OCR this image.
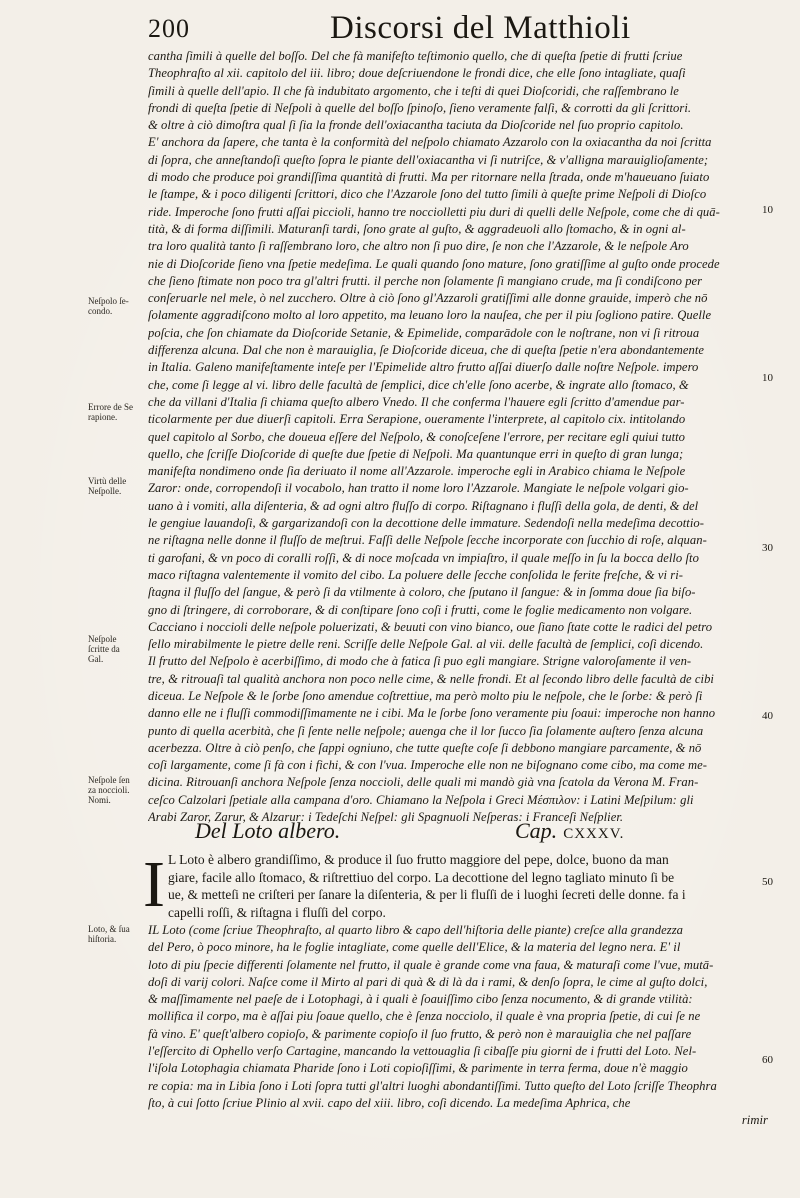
200	Discorsi del Matthioli
cantha ſimili à quelle del boſſo. Del che fà manifeſto teſtimonio quello, che di queſta ſpetie di frutti ſcriue
Theophraſto al xii. capitolo del iii. libro; doue deſcriuendone le frondi dice, che elle ſono intagliate, quaſi
ſimili à quelle dell'apio. Il che fà indubitato argomento, che i teſti di quei Dioſcoridi, che raſſembrano le
frondi di queſta ſpetie di Neſpoli à quelle del boſſo ſpinoſo, ſieno veramente falſi, & corrotti da gli ſcrittori.
& oltre à ciò dimoſtra qual ſi ſia la fronde dell'oxiacantha taciuta da Dioſcoride nel ſuo proprio capitolo.
E' anchora da ſapere, che tanta è la conformità del neſpolo chiamato Azzarolo con la oxiacantha da noi ſcritta
di ſopra, che anneſtandoſi queſto ſopra le piante dell'oxiacantha vi ſi nutriſce, & v'alligna marauiglioſamente;
di modo che produce poi grandiſſima quantità di frutti. Ma per ritornare nella ſtrada, onde m'haueuano ſuiato
le ſtampe, & i poco diligenti ſcrittori, dico che l'Azzarole ſono del tutto ſimili à queſte prime Neſpoli di Dioſco
ride. Imperoche ſono frutti aſſai piccioli, hanno tre nocciolletti piu duri di quelli delle Neſpole, come che di quā-
tità, & di forma diſſimili. Maturanſi tardi, ſono grate al guſto, & aggradeuoli allo ſtomacho, & in ogni al-
tra loro qualità tanto ſi raſſembrano loro, che altro non ſi puo dire, ſe non che l'Azzarole, & le neſpole Aro
nie di Dioſcoride ſieno vna ſpetie medeſima. Le quali quando ſono mature, ſono gratiſſime al guſto onde procede
che ſieno ſtimate non poco tra gl'altri frutti. il perche non ſolamente ſi mangiano crude, ma ſi condiſcono per
conſeruarle nel mele, ò nel zucchero. Oltre à ciò ſono gl'Azzaroli gratiſſimi alle donne grauide, imperò che nō
ſolamente aggradiſcono molto al loro appetito, ma leuano loro la nauſea, che per il piu ſogliono patire. Quelle
poſcia, che ſon chiamate da Dioſcoride Setanie, & Epimelide, comparādole con le noſtrane, non vi ſi ritroua
differenza alcuna. Dal che non è marauiglia, ſe Dioſcoride diceua, che di queſta ſpetie n'era abondantemente
in Italia. Galeno manifeſtamente inteſe per l'Epimelide altro frutto aſſai diuerſo dalle noſtre Neſpole. impero
che, come ſi legge al vi. libro delle facultà de ſemplici, dice ch'elle ſono acerbe, & ingrate allo ſtomaco, &
che da villani d'Italia ſi chiama queſto albero Vnedo. Il che conferma l'hauere egli ſcritto d'amendue par-
ticolarmente per due diuerſi capitoli. Erra Serapione, oueramente l'interprete, al capitolo cix. intitolando
quel capitolo al Sorbo, che doueua eſſere del Neſpolo, & conoſceſene l'errore, per recitare egli quiui tutto
quello, che ſcriſſe Dioſcoride di queſte due ſpetie di Neſpoli. Ma quantunque erri in queſto di gran lunga;
manifeſta nondimeno onde ſia deriuato il nome all'Azzarole. imperoche egli in Arabico chiama le Neſpole
Zaror: onde, corropendoſi il vocabolo, han tratto il nome loro l'Azzarole. Mangiate le neſpole volgari gio-
uano à i vomiti, alla diſenteria, & ad ogni altro fluſſo di corpo. Riſtagnano i fluſſi della gola, de denti, & del
le gengiue lauandoſi, & gargarizandoſi con la decottione delle immature. Sedendoſi nella medeſima decottio-
ne riſtagna nelle donne il fluſſo de meſtrui. Faſſi delle Neſpole ſecche incorporate con ſucchio di roſe, alquan-
ti garofani, & vn poco di coralli roſſi, & di noce moſcada vn impiaſtro, il quale meſſo in ſu la bocca dello ſto
maco riſtagna valentemente il vomito del cibo. La poluere delle ſecche conſolida le ferite freſche, & vi ri-
ſtagna il fluſſo del ſangue, & però ſi da vtilmente à coloro, che ſputano il ſangue: & in ſomma doue ſia biſo-
gno di ſtringere, di corroborare, & di conſtipare ſono coſi i frutti, come le foglie medicamento non volgare.
Cacciano i noccioli delle neſpole poluerizati, & beuuti con vino bianco, oue ſiano ſtate cotte le radici del petro
ſello mirabilmente le pietre delle reni. Scriſſe delle Neſpole Gal. al vii. delle facultà de ſemplici, coſi dicendo.
Il frutto del Neſpolo è acerbiſſimo, di modo che à fatica ſi puo egli mangiare. Strigne valoroſamente il ven-
tre, & ritrouaſi tal qualità anchora non poco nelle cime, & nelle frondi. Et al ſecondo libro delle facultà de cibi
diceua. Le Neſpole & le ſorbe ſono amendue coſtrettiue, ma però molto piu le neſpole, che le ſorbe: & però ſi
danno elle ne i fluſſi commodiſſimamente ne i cibi. Ma le ſorbe ſono veramente piu ſoaui: imperoche non hanno
punto di quella acerbità, che ſi ſente nelle neſpole; auenga che il lor ſucco ſia ſolamente auſtero ſenza alcuna
acerbezza. Oltre à ciò penſo, che ſappi ogniuno, che tutte queſte coſe ſi debbono mangiare parcamente, & nō
coſi largamente, come ſi fà con i fichi, & con l'vua. Imperoche elle non ne biſognano come cibo, ma come me-
dicina. Ritrouanſi anchora Neſpole ſenza noccioli, delle quali mi mandò già vna ſcatola da Verona M. Fran-
ceſco Calzolari ſpetiale alla campana d'oro. Chiamano la Neſpola i Greci Μέσπιλον: i Latini Meſpilum: gli
Arabi Zaror, Zarur, & Alzarur: i Tedeſchi Neſpel: gli Spagnuoli Neſperas: i Franceſi Neſplier.
Neſpolo ſe-
condo.
Errore de Se
rapione.
Virtù delle
Neſpolle.
Neſpole
ſcritte da
Gal.
Neſpole ſen
za noccioli.
Nomi.
Loto, & ſua
hiſtoria.
10
10
30
40
50
60
Del Loto albero.	Cap. CXXXV.
I L Loto è albero grandiſſimo, & produce il ſuo frutto maggiore del pepe, dolce, buono da man
giare, facile allo ſtomaco, & riſtrettiuo del corpo. La decottione del legno tagliato minuto ſi be
ue, & metteſi ne criſteri per ſanare la diſenteria, & per li fluſſi de i luoghi ſecreti delle donne. fa i
capelli roſſi, & riſtagna i fluſſi del corpo.
IL Loto (come ſcriue Theophraſto, al quarto libro & capo dell'hiſtoria delle piante) creſce alla grandezza
del Pero, ò poco minore, ha le foglie intagliate, come quelle dell'Elice, & la materia del legno nera. E' il
loto di piu ſpecie differenti ſolamente nel frutto, il quale è grande come vna faua, & maturaſi come l'vue, mutā-
doſi di varij colori. Naſce come il Mirto al pari di quà & di là da i rami, & denſo ſopra, le cime al guſto dolci,
& maſſimamente nel paeſe de i Lotophagi, à i quali è ſoauiſſimo cibo ſenza nocumento, & di grande vtilità:
mollifica il corpo, ma è aſſai piu ſoaue quello, che è ſenza nocciolo, il quale è vna propria ſpetie, di cui ſe ne
fà vino. E' queſt'albero copioſo, & parimente copioſo il ſuo frutto, & però non è marauiglia che nel paſſare
l'eſſercito di Ophello verſo Cartagine, mancando la vettouaglia ſi cibaſſe piu giorni de i frutti del Loto. Nel-
l'iſola Lotophagia chiamata Pharide ſono i Loti copioſiſſimi, & parimente in terra ferma, doue n'è maggio
re copia: ma in Libia ſono i Loti ſopra tutti gl'altri luoghi abondantiſſimi. Tutto queſto del Loto ſcriſſe Theophra
ſto, à cui ſotto ſcriue Plinio al xvii. capo del xiii. libro, coſi dicendo. La medeſima Aphrica, che
rimir
